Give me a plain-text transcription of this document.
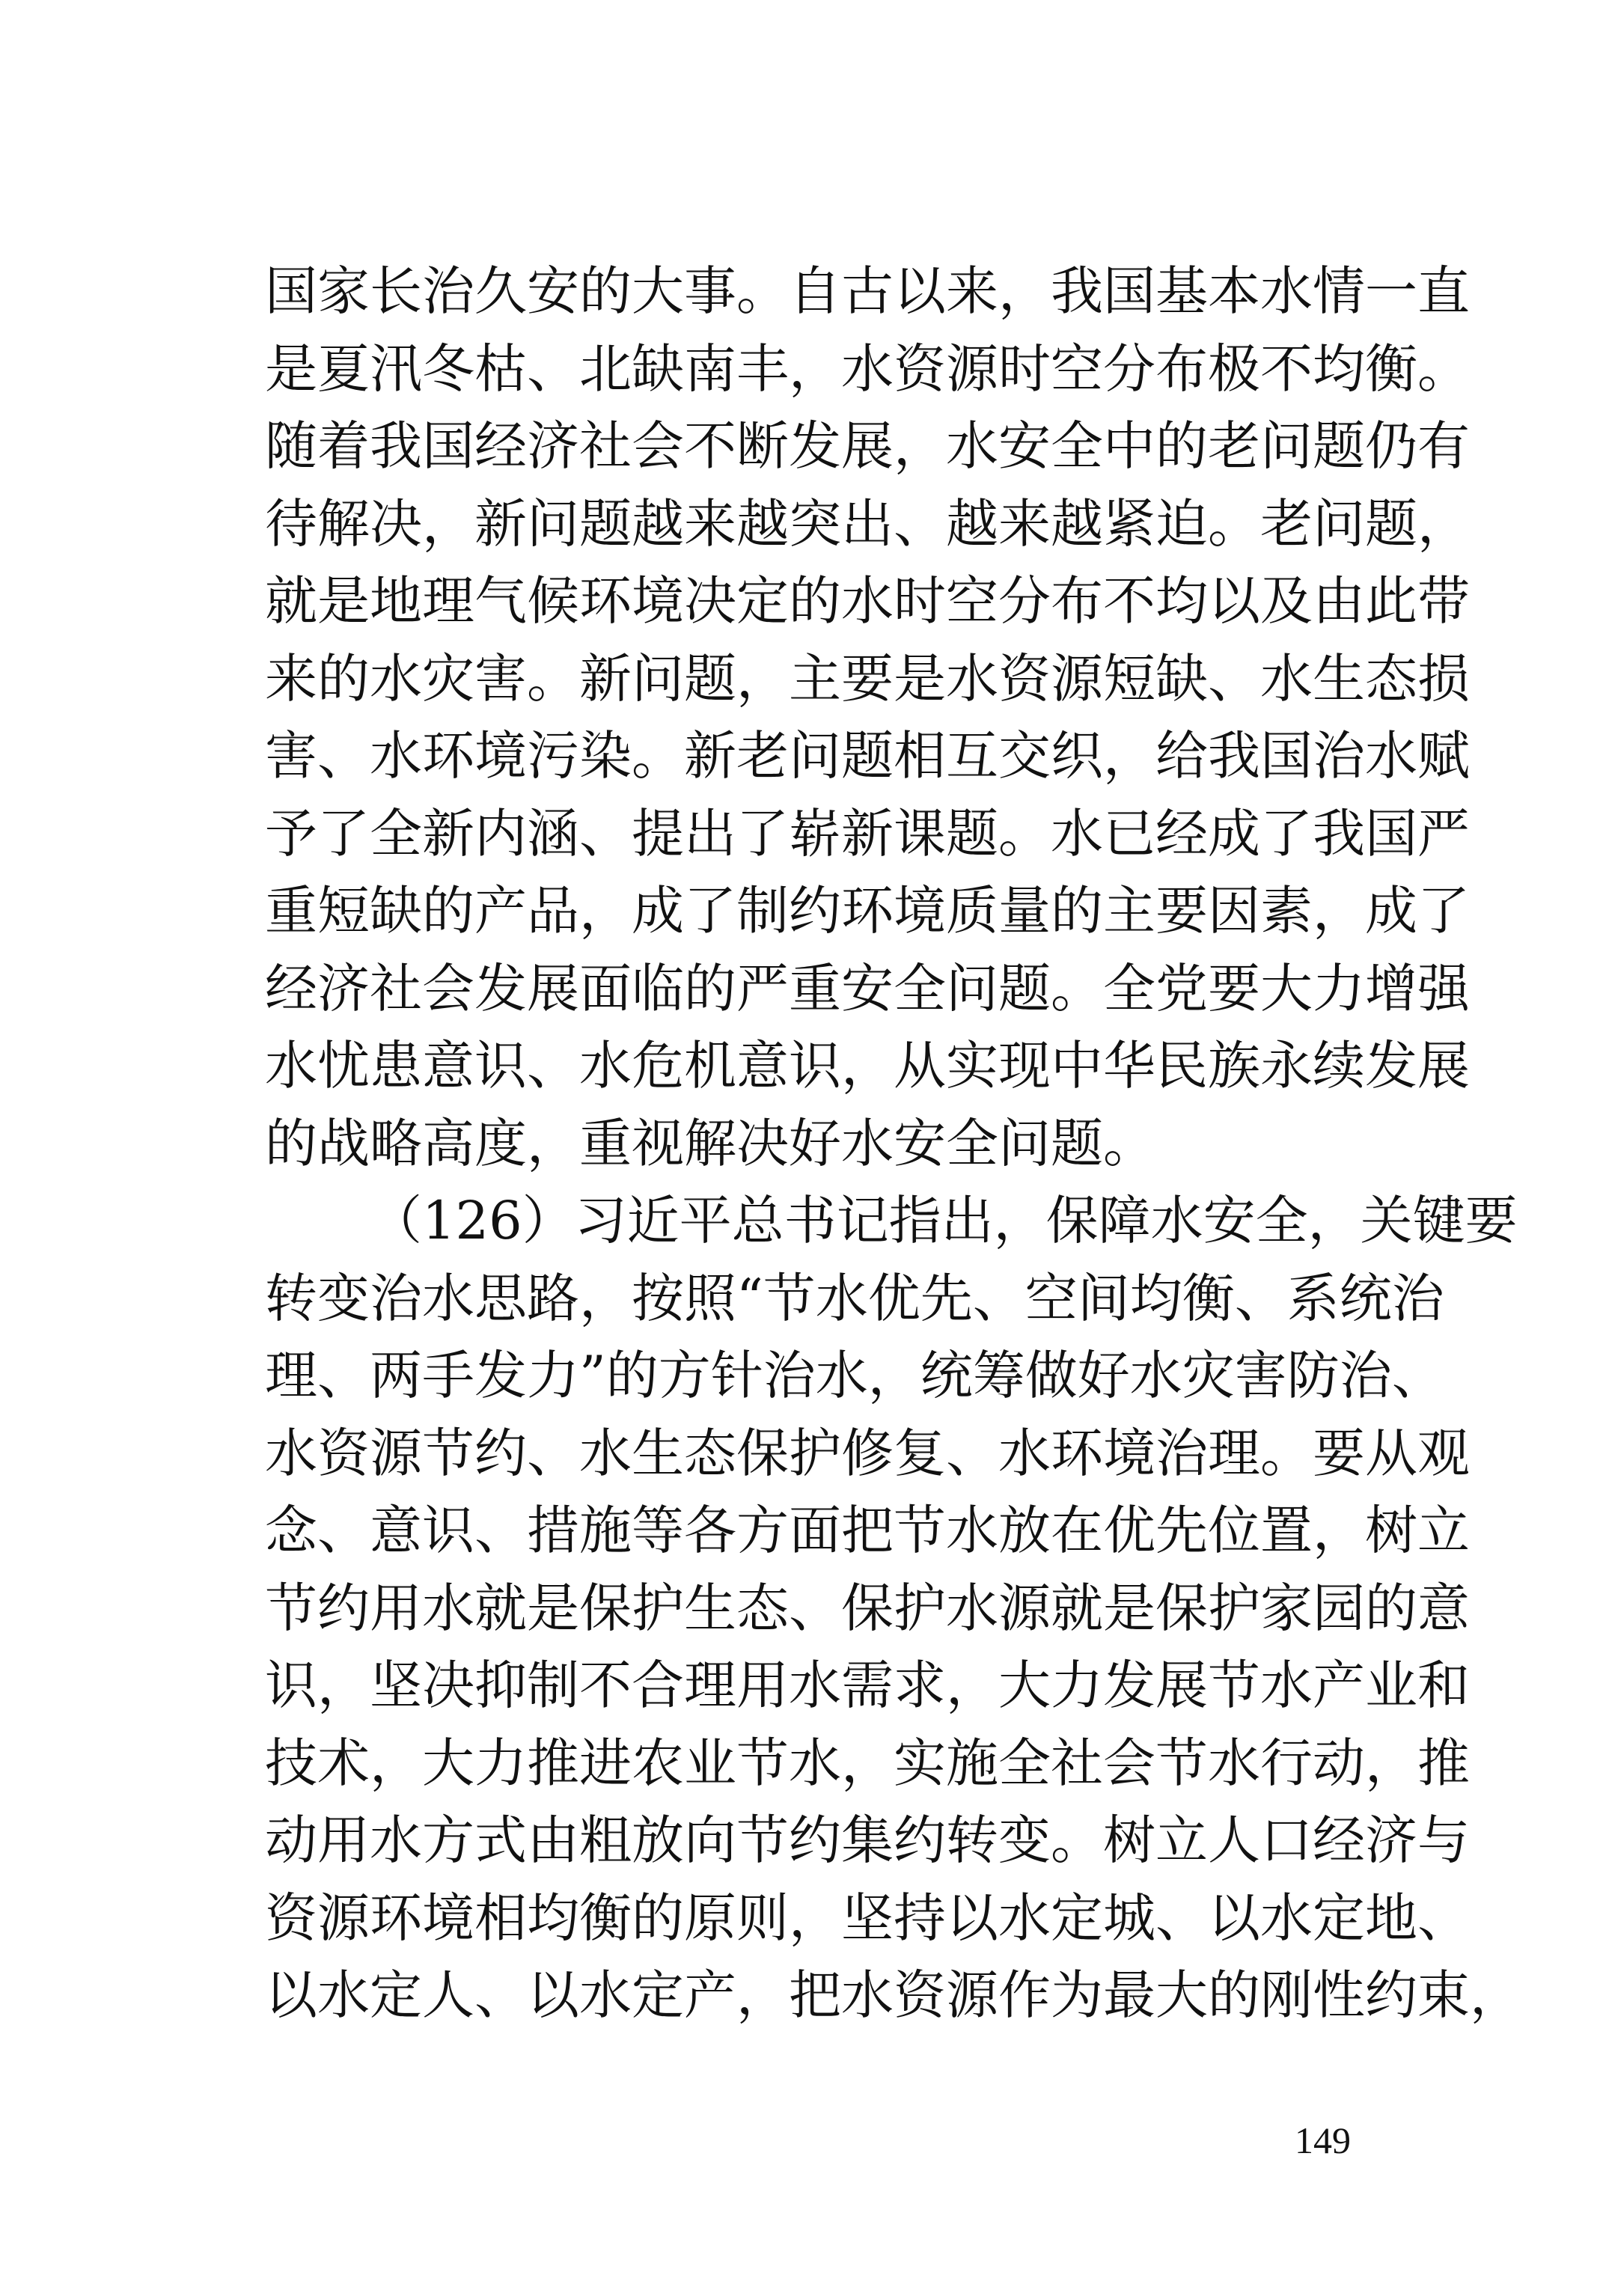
国家长治久安的大事。自古以来，我国基本水情一直
是夏汛冬枯、北缺南丰，水资源时空分布极不均衡。
随着我国经济社会不断发展，水安全中的老问题仍有
待解决，新问题越来越突出、越来越紧迫。老问题，
就是地理气候环境决定的水时空分布不均以及由此带
来的水灾害。新问题，主要是水资源短缺、水生态损
害、水环境污染。新老问题相互交织，给我国治水赋
予了全新内涵、提出了崭新课题。水已经成了我国严
重短缺的产品，成了制约环境质量的主要因素，成了
经济社会发展面临的严重安全问题。全党要大力增强
水忧患意识、水危机意识，从实现中华民族永续发展
的战略高度，重视解决好水安全问题。
（126）习近平总书记指出，保障水安全，关键要
转变治水思路，按照“节水优先、空间均衡、系统治
理、两手发力”的方针治水，统筹做好水灾害防治、
水资源节约、水生态保护修复、水环境治理。要从观
念、意识、措施等各方面把节水放在优先位置，树立
节约用水就是保护生态、保护水源就是保护家园的意
识，坚决抑制不合理用水需求，大力发展节水产业和
技术，大力推进农业节水，实施全社会节水行动，推
动用水方式由粗放向节约集约转变。树立人口经济与
资源环境相均衡的原则，坚持以水定城、以水定地、
以水定人、以水定产，把水资源作为最大的刚性约束，
149
